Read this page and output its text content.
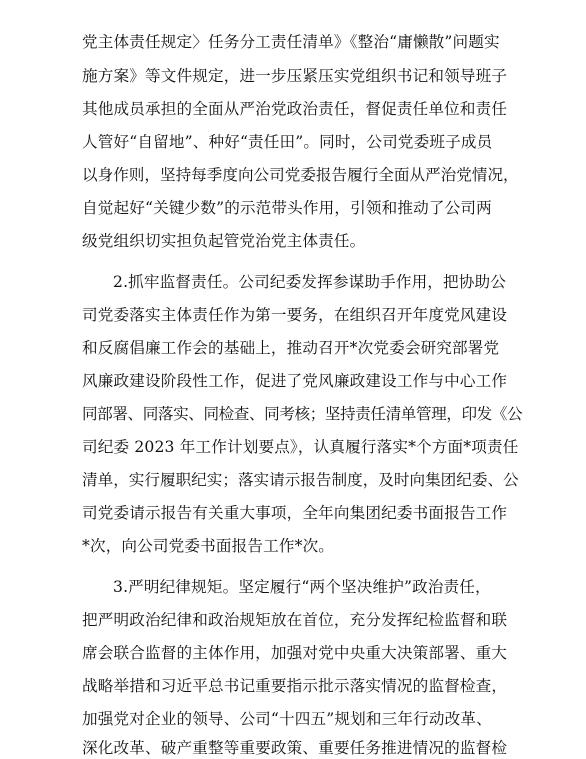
党主体责任规定〉任务分工责任清单》《整治“庸懒散”问题实
施方案》等文件规定，进一步压紧压实党组织书记和领导班子
其他成员承担的全面从严治党政治责任，督促责任单位和责任
人管好“自留地”、种好“责任田”。同时，公司党委班子成员
以身作则，坚持每季度向公司党委报告履行全面从严治党情况，
自觉起好“关键少数”的示范带头作用，引领和推动了公司两
级党组织切实担负起管党治党主体责任。
2.抓牢监督责任。公司纪委发挥参谋助手作用，把协助公
司党委落实主体责任作为第一要务，在组织召开年度党风建设
和反腐倡廉工作会的基础上，推动召开*次党委会研究部署党
风廉政建设阶段性工作，促进了党风廉政建设工作与中心工作
同部署、同落实、同检查、同考核；坚持责任清单管理，印发《公
司纪委 2023 年工作计划要点》，认真履行落实*个方面*项责任
清单，实行履职纪实；落实请示报告制度，及时向集团纪委、公
司党委请示报告有关重大事项，全年向集团纪委书面报告工作
*次，向公司党委书面报告工作*次。
3.严明纪律规矩。坚定履行“两个坚决维护”政治责任，
把严明政治纪律和政治规矩放在首位，充分发挥纪检监督和联
席会联合监督的主体作用，加强对党中央重大决策部署、重大
战略举措和习近平总书记重要指示批示落实情况的监督检查，
加强党对企业的领导、公司“十四五”规划和三年行动改革、
深化改革、破产重整等重要政策、重要任务推进情况的监督检
